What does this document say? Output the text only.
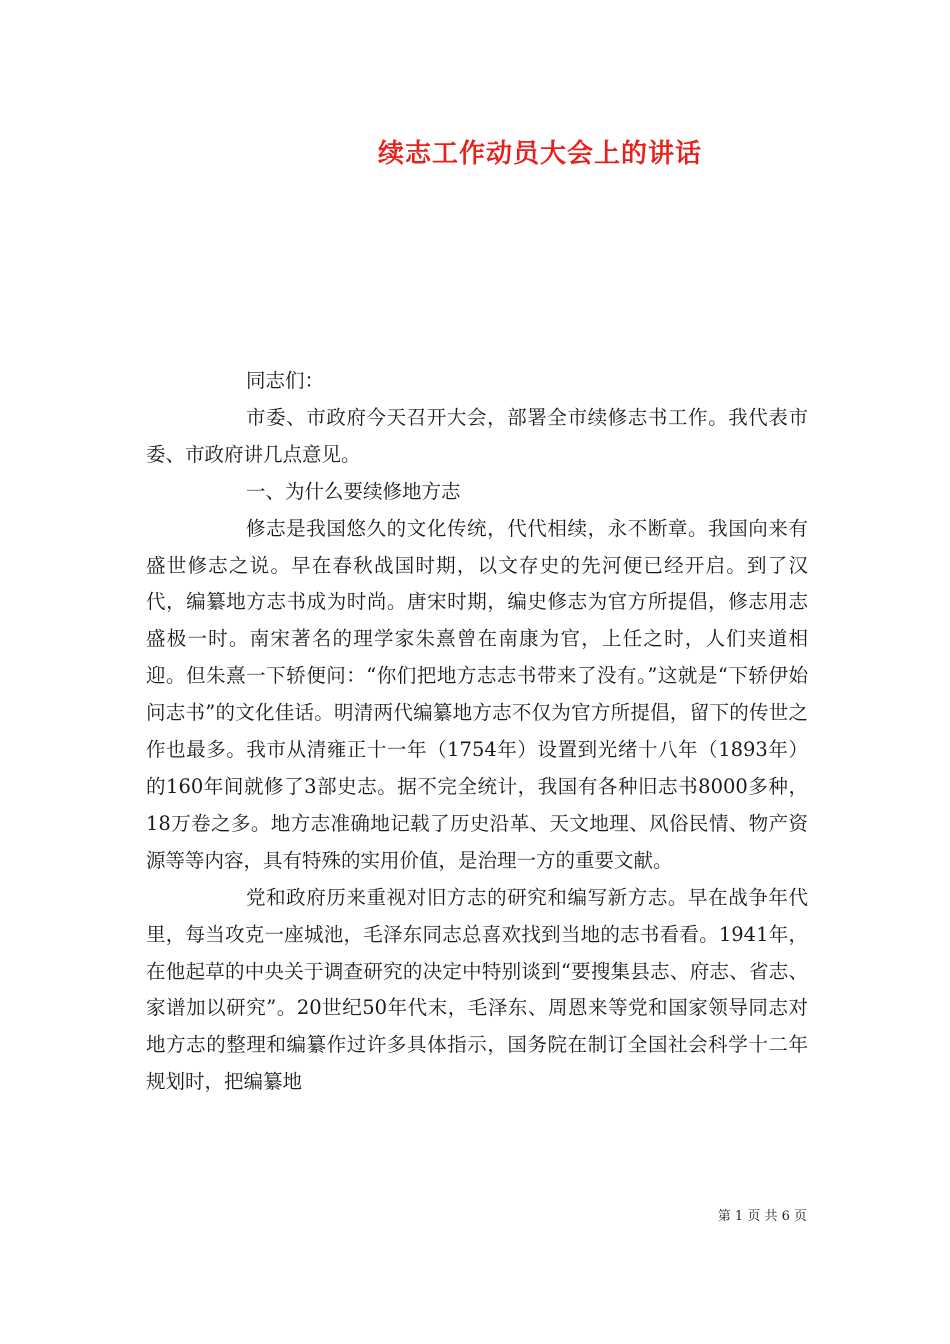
续志工作动员大会上的讲话

同志们：

市委、市政府今天召开大会，部署全市续修志书工作。我代表市委、市政府讲几点意见。

一、为什么要续修地方志

修志是我国悠久的文化传统，代代相续，永不断章。我国向来有盛世修志之说。早在春秋战国时期，以文存史的先河便已经开启。到了汉代，编纂地方志书成为时尚。唐宋时期，编史修志为官方所提倡，修志用志盛极一时。南宋著名的理学家朱熹曾在南康为官，上任之时，人们夹道相迎。但朱熹一下轿便问：“你们把地方志志书带来了没有。”这就是“下轿伊始问志书”的文化佳话。明清两代编纂地方志不仅为官方所提倡，留下的传世之作也最多。我市从清雍正十一年（1754年）设置到光绪十八年（1893年）的160年间就修了3部史志。据不完全统计，我国有各种旧志书8000多种，18万卷之多。地方志准确地记载了历史沿革、天文地理、风俗民情、物产资源等等内容，具有特殊的实用价值，是治理一方的重要文献。

党和政府历来重视对旧方志的研究和编写新方志。早在战争年代里，每当攻克一座城池，毛泽东同志总喜欢找到当地的志书看看。1941年，在他起草的中央关于调查研究的决定中特别谈到“要搜集县志、府志、省志、家谱加以研究”。20世纪50年代末，毛泽东、周恩来等党和国家领导同志对地方志的整理和编纂作过许多具体指示，国务院在制订全国社会科学十二年规划时，把编纂地

第 1 页 共 6 页
